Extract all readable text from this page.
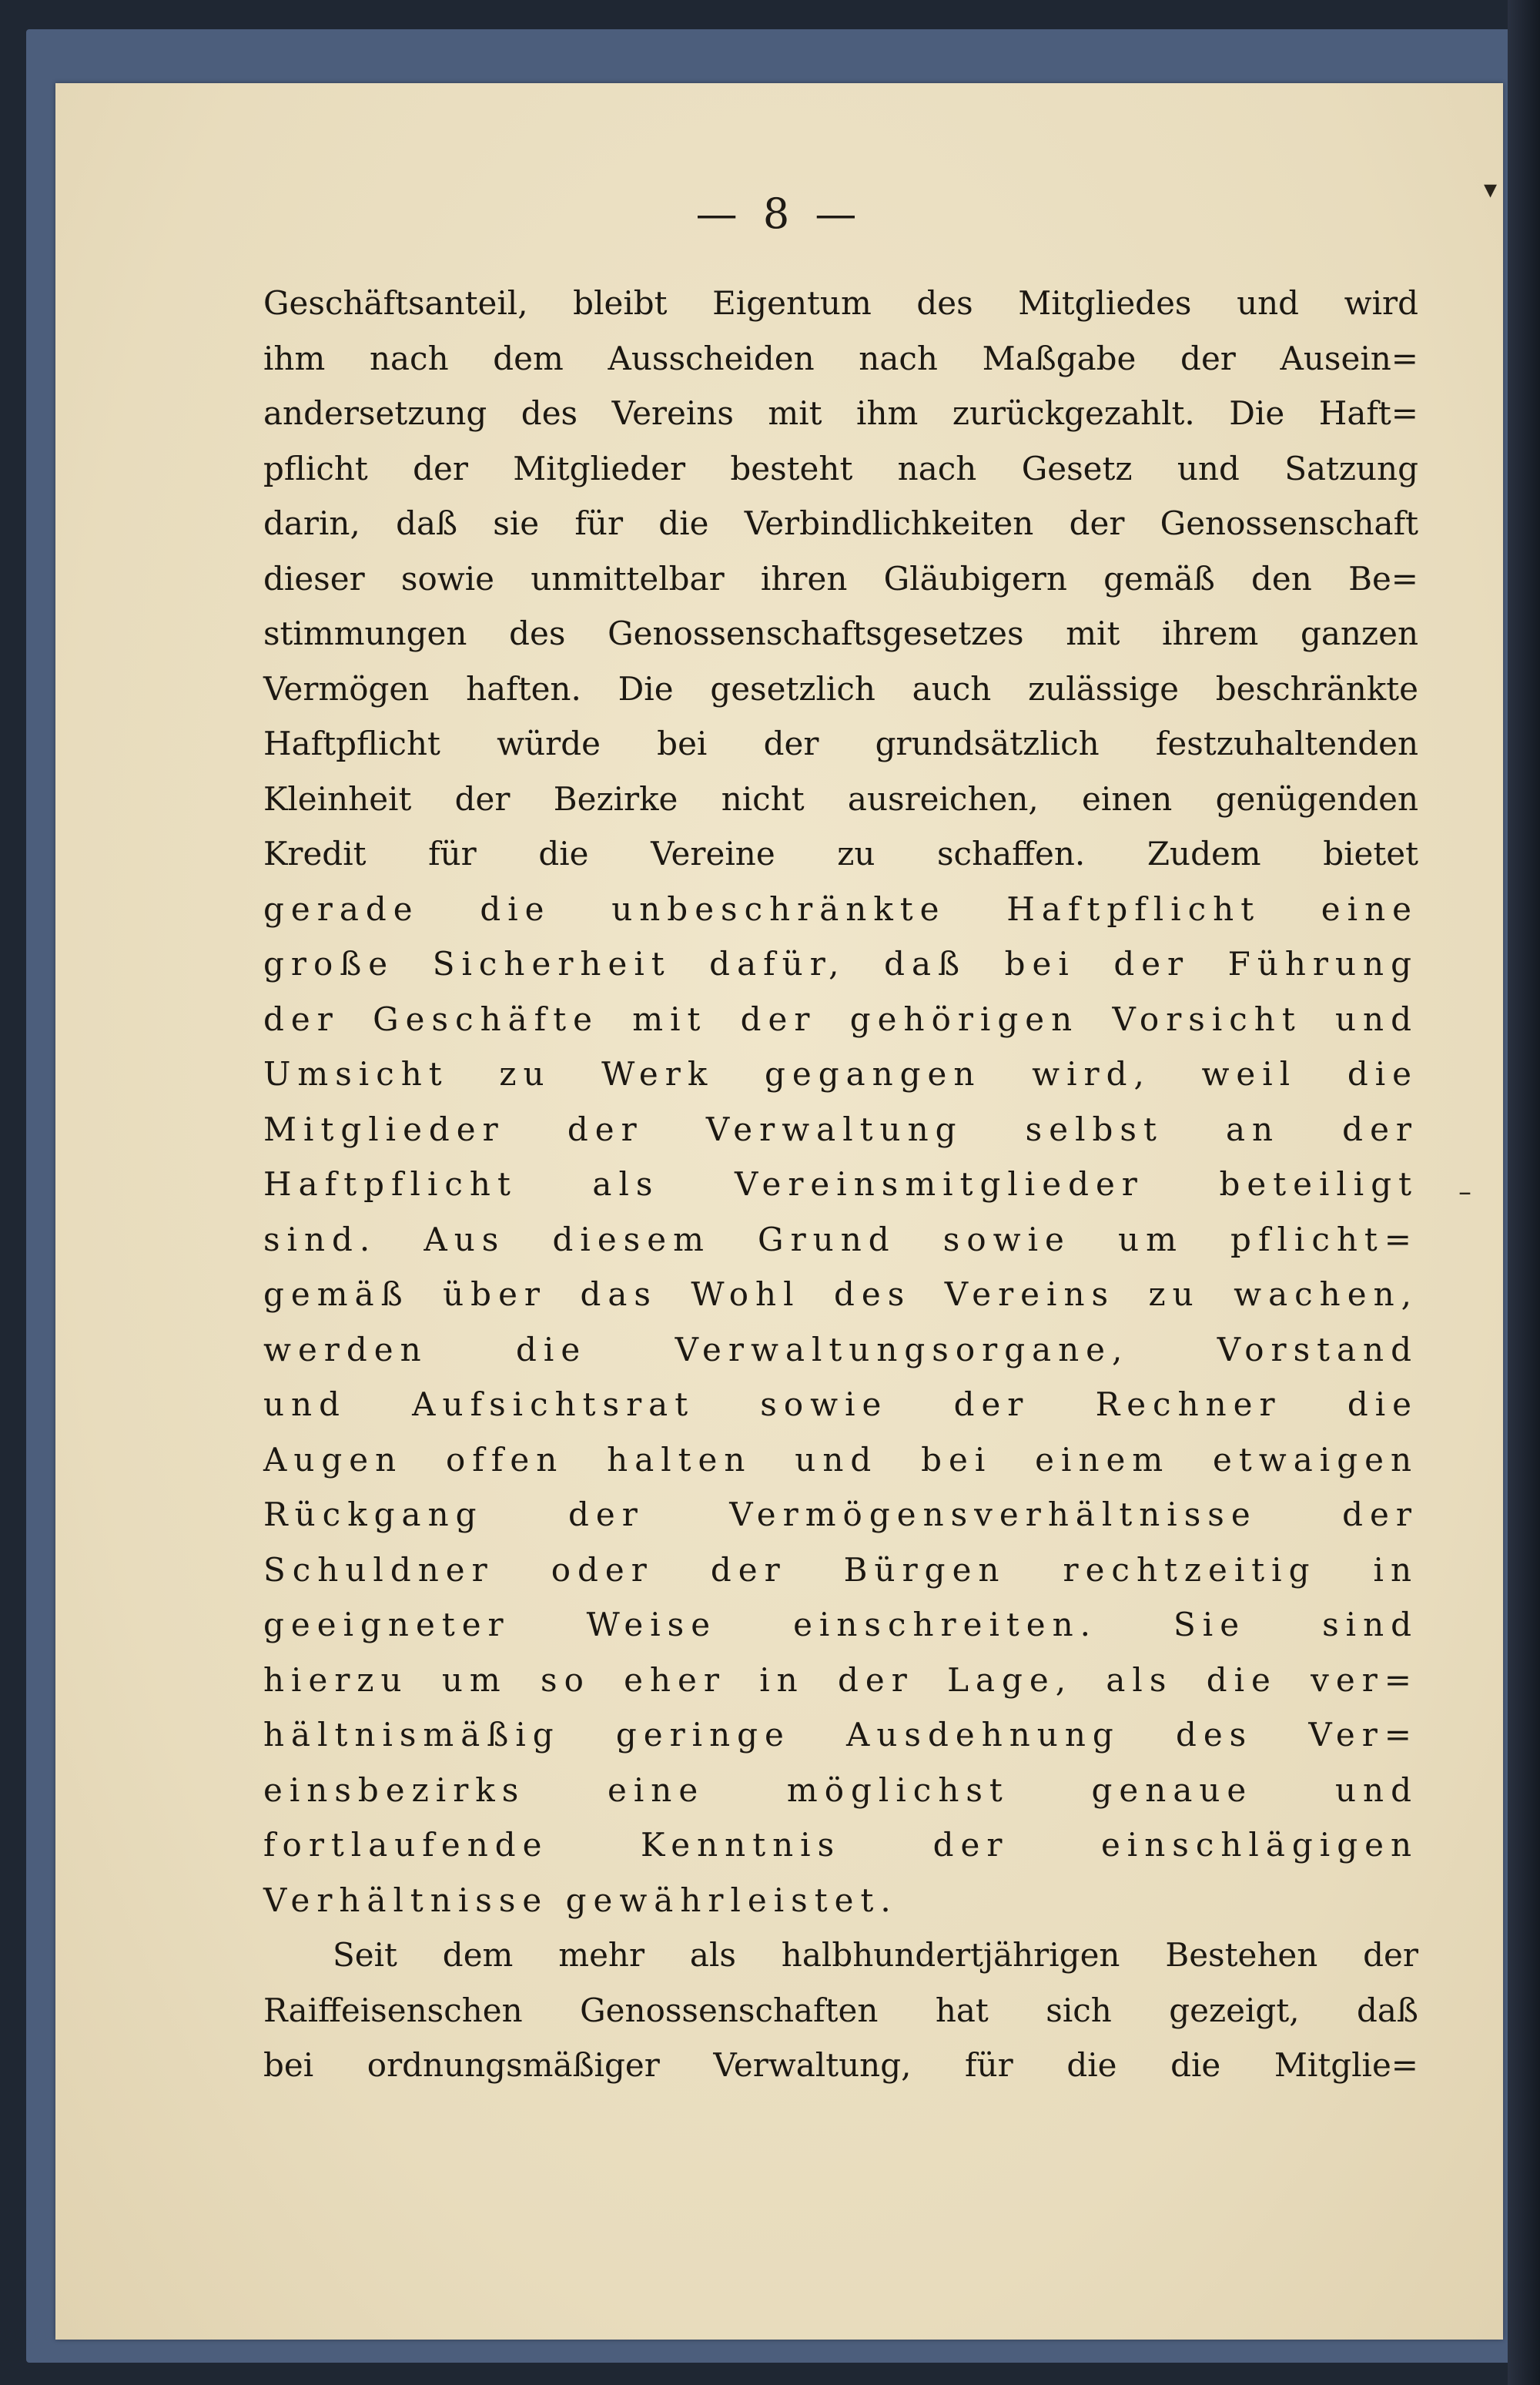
— 8 —	▾
–
Geschäftsanteil, bleibt Eigentum des Mitgliedes und wird
ihm nach dem Ausscheiden nach Maßgabe der Ausein=
andersetzung des Vereins mit ihm zurückgezahlt. Die Haft=
pflicht der Mitglieder besteht nach Gesetz und Satzung
darin, daß sie für die Verbindlichkeiten der Genossenschaft
dieser sowie unmittelbar ihren Gläubigern gemäß den Be=
stimmungen des Genossenschaftsgesetzes mit ihrem ganzen
Vermögen haften. Die gesetzlich auch zulässige beschränkte
Haftpflicht würde bei der grundsätzlich festzuhaltenden
Kleinheit der Bezirke nicht ausreichen, einen genügenden
Kredit für die Vereine zu schaffen. Zudem bietet
gerade die unbeschränkte Haftpflicht eine
große Sicherheit dafür, daß bei der Führung
der Geschäfte mit der gehörigen Vorsicht und
Umsicht zu Werk gegangen wird, weil die
Mitglieder der Verwaltung selbst an der
Haftpflicht als Vereinsmitglieder beteiligt
sind. Aus diesem Grund sowie um pflicht=
gemäß über das Wohl des Vereins zu wachen,
werden die Verwaltungsorgane, Vorstand
und Aufsichtsrat sowie der Rechner die
Augen offen halten und bei einem etwaigen
Rückgang der Vermögensverhältnisse der
Schuldner oder der Bürgen rechtzeitig in
geeigneter Weise einschreiten. Sie sind
hierzu um so eher in der Lage, als die ver=
hältnismäßig geringe Ausdehnung des Ver=
einsbezirks eine möglichst genaue und
fortlaufende Kenntnis der einschlägigen
Verhältnisse gewährleistet.
Seit dem mehr als halbhundertjährigen Bestehen der
Raiffeisenschen Genossenschaften hat sich gezeigt, daß
bei ordnungsmäßiger Verwaltung, für die die Mitglie=
